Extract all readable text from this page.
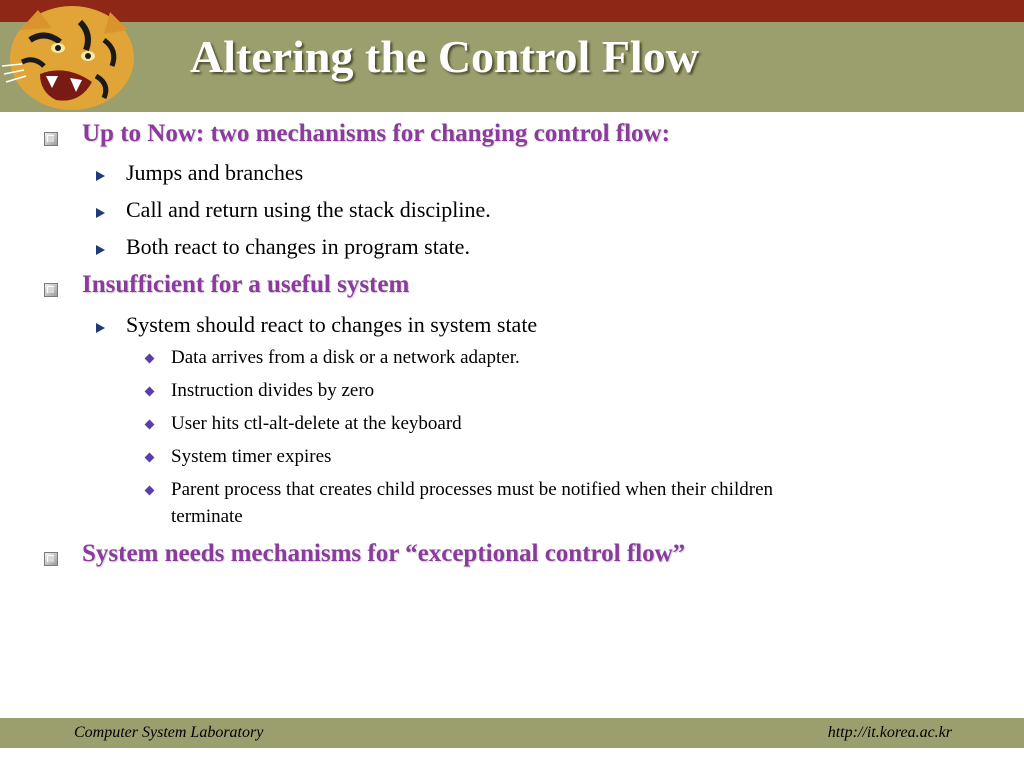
Altering the Control Flow
Up to Now: two mechanisms for changing control flow:
Jumps and branches
Call and return using the stack discipline.
Both react to changes in program state.
Insufficient for a useful system
System should react to changes in system state
Data arrives from a disk or a network adapter.
Instruction divides by zero
User hits ctl-alt-delete at the keyboard
System timer expires
Parent process that creates child processes must be notified when their children
terminate
System needs mechanisms for “exceptional control flow”
Computer System Laboratory	http://it.korea.ac.kr
